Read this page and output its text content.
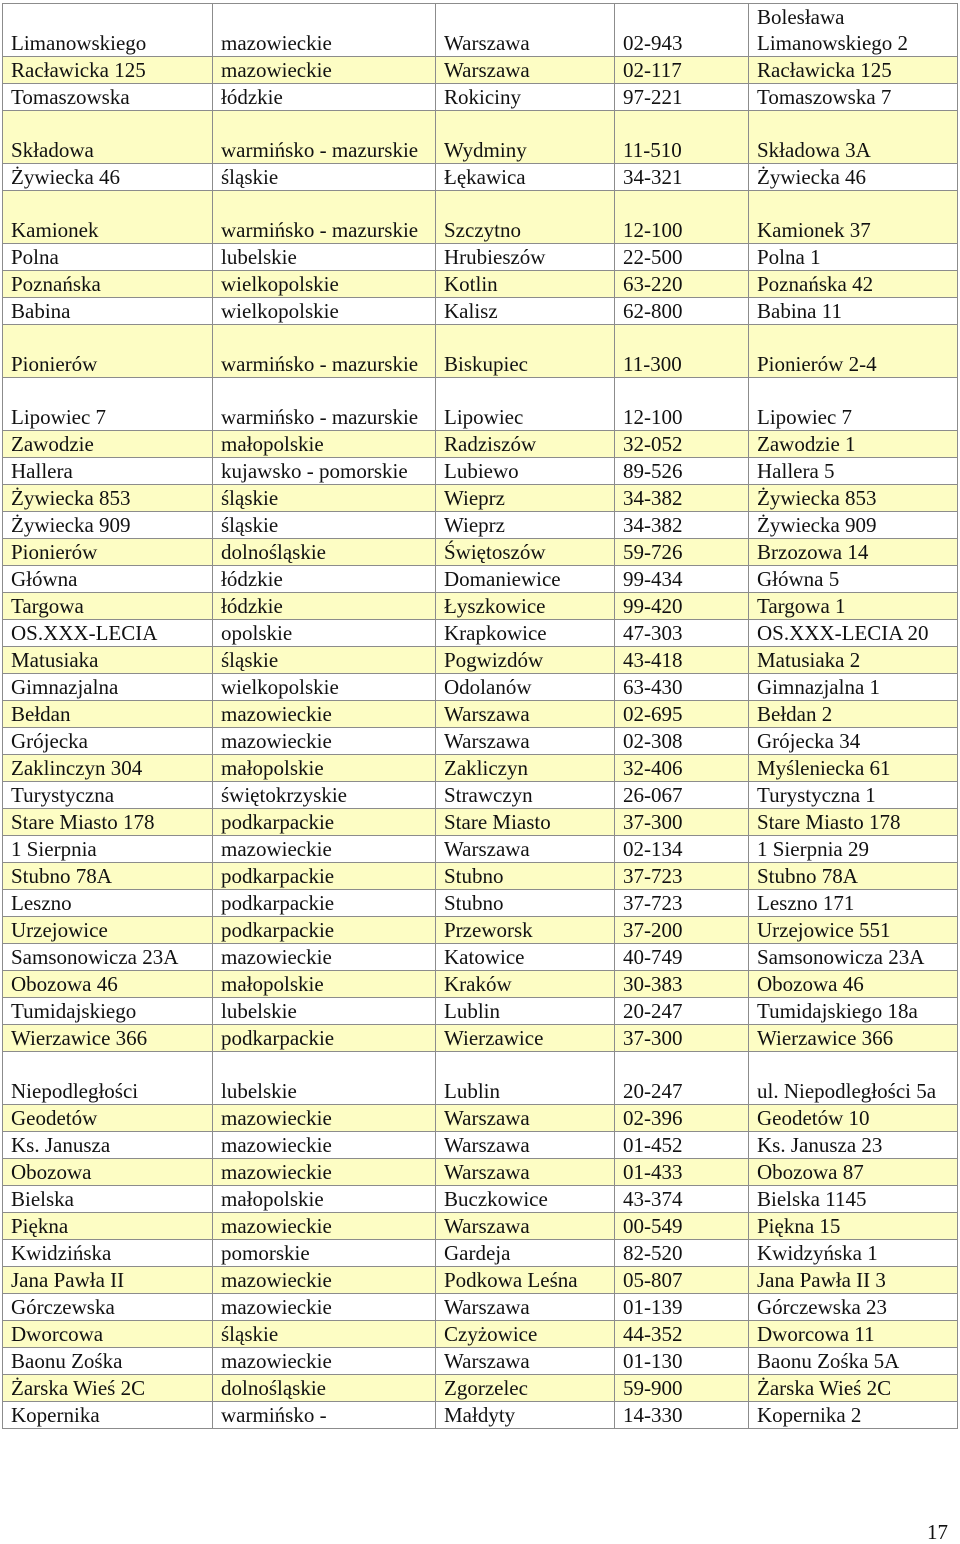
Limanowskiego	mazowieckie	Warszawa	02-943	Bolesława Limanowskiego 2
Racławicka 125	mazowieckie	Warszawa	02-117	Racławicka 125
Tomaszowska	łódzkie	Rokiciny	97-221	Tomaszowska 7
Składowa	warmińsko - mazurskie	Wydminy	11-510	Składowa 3A
Żywiecka 46	śląskie	Łękawica	34-321	Żywiecka 46
Kamionek	warmińsko - mazurskie	Szczytno	12-100	Kamionek 37
Polna	lubelskie	Hrubieszów	22-500	Polna 1
Poznańska	wielkopolskie	Kotlin	63-220	Poznańska 42
Babina	wielkopolskie	Kalisz	62-800	Babina 11
Pionierów	warmińsko - mazurskie	Biskupiec	11-300	Pionierów 2-4
Lipowiec 7	warmińsko - mazurskie	Lipowiec	12-100	Lipowiec 7
Zawodzie	małopolskie	Radziszów	32-052	Zawodzie 1
Hallera	kujawsko - pomorskie	Lubiewo	89-526	Hallera 5
Żywiecka 853	śląskie	Wieprz	34-382	Żywiecka 853
Żywiecka 909	śląskie	Wieprz	34-382	Żywiecka 909
Pionierów	dolnośląskie	Świętoszów	59-726	Brzozowa 14
Główna	łódzkie	Domaniewice	99-434	Główna 5
Targowa	łódzkie	Łyszkowice	99-420	Targowa 1
OS.XXX-LECIA	opolskie	Krapkowice	47-303	OS.XXX-LECIA 20
Matusiaka	śląskie	Pogwizdów	43-418	Matusiaka 2
Gimnazjalna	wielkopolskie	Odolanów	63-430	Gimnazjalna 1
Bełdan	mazowieckie	Warszawa	02-695	Bełdan 2
Grójecka	mazowieckie	Warszawa	02-308	Grójecka 34
Zaklinczyn 304	małopolskie	Zakliczyn	32-406	Myśleniecka 61
Turystyczna	świętokrzyskie	Strawczyn	26-067	Turystyczna 1
Stare Miasto 178	podkarpackie	Stare Miasto	37-300	Stare Miasto 178
1 Sierpnia	mazowieckie	Warszawa	02-134	1 Sierpnia 29
Stubno 78A	podkarpackie	Stubno	37-723	Stubno 78A
Leszno	podkarpackie	Stubno	37-723	Leszno 171
Urzejowice	podkarpackie	Przeworsk	37-200	Urzejowice 551
Samsonowicza 23A	mazowieckie	Katowice	40-749	Samsonowicza 23A
Obozowa 46	małopolskie	Kraków	30-383	Obozowa 46
Tumidajskiego	lubelskie	Lublin	20-247	Tumidajskiego 18a
Wierzawice 366	podkarpackie	Wierzawice	37-300	Wierzawice 366
Niepodległości	lubelskie	Lublin	20-247	ul. Niepodległości 5a
Geodetów	mazowieckie	Warszawa	02-396	Geodetów 10
Ks. Janusza	mazowieckie	Warszawa	01-452	Ks. Janusza 23
Obozowa	mazowieckie	Warszawa	01-433	Obozowa 87
Bielska	małopolskie	Buczkowice	43-374	Bielska 1145
Piękna	mazowieckie	Warszawa	00-549	Piękna 15
Kwidzińska	pomorskie	Gardeja	82-520	Kwidzyńska 1
Jana Pawła II	mazowieckie	Podkowa Leśna	05-807	Jana Pawła II 3
Górczewska	mazowieckie	Warszawa	01-139	Górczewska 23
Dworcowa	śląskie	Czyżowice	44-352	Dworcowa 11
Baonu Zośka	mazowieckie	Warszawa	01-130	Baonu Zośka 5A
Żarska Wieś 2C	dolnośląskie	Zgorzelec	59-900	Żarska Wieś 2C
Kopernika	warmińsko -	Małdyty	14-330	Kopernika 2
17
